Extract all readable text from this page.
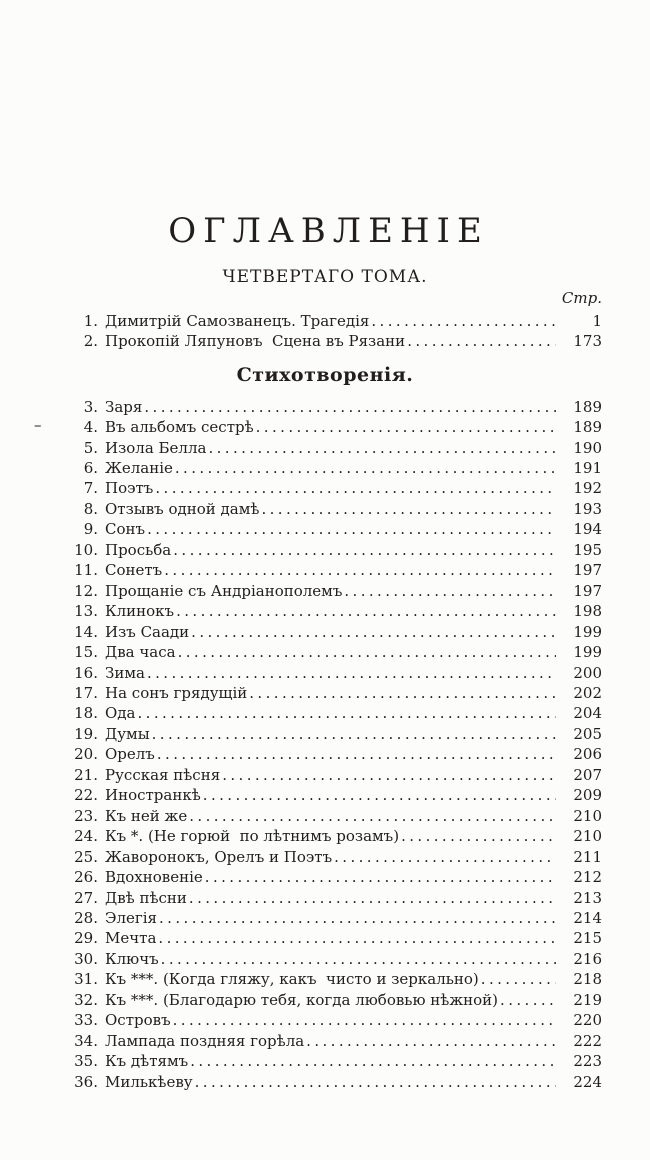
ОГЛАВЛЕНІЕ
ЧЕТВЕРТАГО ТОМА.
Стр.
1. Димитрій Самозванецъ. Трагедія .....	1
2. Прокопій Ляпуновъ  Сцена въ Рязани .....	173
Стихотворенія.
3. Заря .....	189
–	4. Въ альбомъ сестрѣ .....	189
5. Изола Белла .....	190
6. Желаніе .....	191
7. Поэтъ .....	192
8. Отзывъ одной дамѣ .....	193
9. Сонъ .....	194
10. Просьба .....	195
11. Сонетъ .....	197
12. Прощаніе съ Андріанополемъ .....	197
13. Клинокъ .....	198
14. Изъ Саади .....	199
15. Два часа .....	199
16. Зима .....	200
17. На сонъ грядущій .....	202
18. Ода .....	204
19. Думы .....	205
20. Орелъ .....	206
21. Русская пѣсня .....	207
22. Иностранкѣ .....	209
23. Къ ней же .....	210
24. Къ *. (Не горюй  по лѣтнимъ розамъ) .....	210
25. Жаворонокъ, Орелъ и Поэтъ .....	211
26. Вдохновеніе .....	212
27. Двѣ пѣсни .....	213
28. Элегія .....	214
29. Мечта .....	215
30. Ключъ .....	216
31. Къ ***. (Когда гляжу, какъ  чисто и зеркально) .....	218
32. Къ ***. (Благодарю тебя, когда любовью нѣжной) .....	219
33. Островъ .....	220
34. Лампада поздняя горѣла .....	222
35. Къ дѣтямъ .....	223
36. Милькѣеву .....	224
